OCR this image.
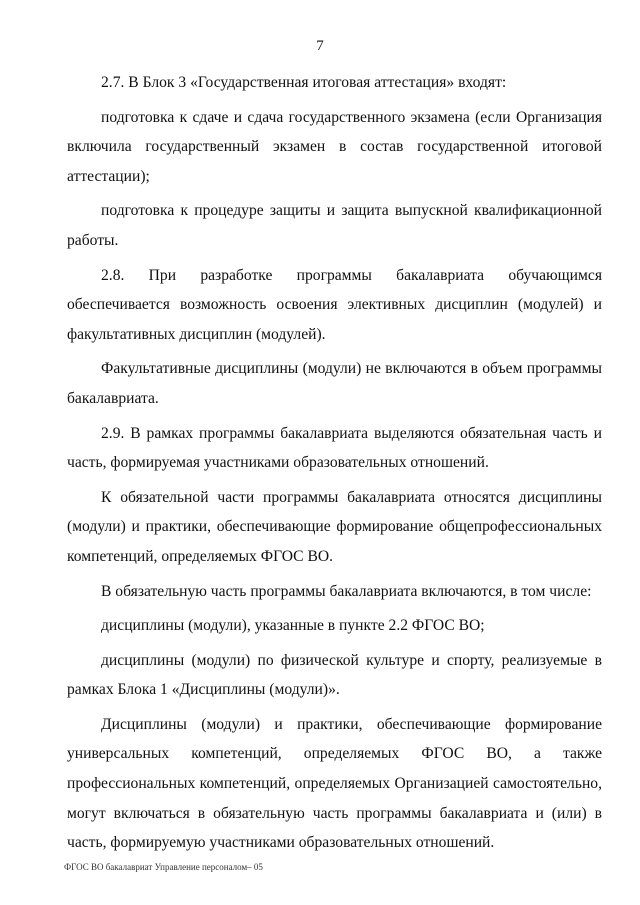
7

2.7. В Блок 3 «Государственная итоговая аттестация» входят:

подготовка к сдаче и сдача государственного экзамена (если Организация включила государственный экзамен в состав государственной итоговой аттестации);

подготовка к процедуре защиты и защита выпускной квалификационной работы.

2.8. При разработке программы бакалавриата обучающимся обеспечивается возможность освоения элективных дисциплин (модулей) и факультативных дисциплин (модулей).

Факультативные дисциплины (модули) не включаются в объем программы бакалавриата.

2.9. В рамках программы бакалавриата выделяются обязательная часть и часть, формируемая участниками образовательных отношений.

К обязательной части программы бакалавриата относятся дисциплины (модули) и практики, обеспечивающие формирование общепрофессиональных компетенций, определяемых ФГОС ВО.

В обязательную часть программы бакалавриата включаются, в том числе:

дисциплины (модули), указанные в пункте 2.2 ФГОС ВО;

дисциплины (модули) по физической культуре и спорту, реализуемые в рамках Блока 1 «Дисциплины (модули)».

Дисциплины (модули) и практики, обеспечивающие формирование универсальных компетенций, определяемых ФГОС ВО, а также профессиональных компетенций, определяемых Организацией самостоятельно, могут включаться в обязательную часть программы бакалавриата и (или) в часть, формируемую участниками образовательных отношений.

ФГОС ВО бакалавриат Управление персоналом– 05
